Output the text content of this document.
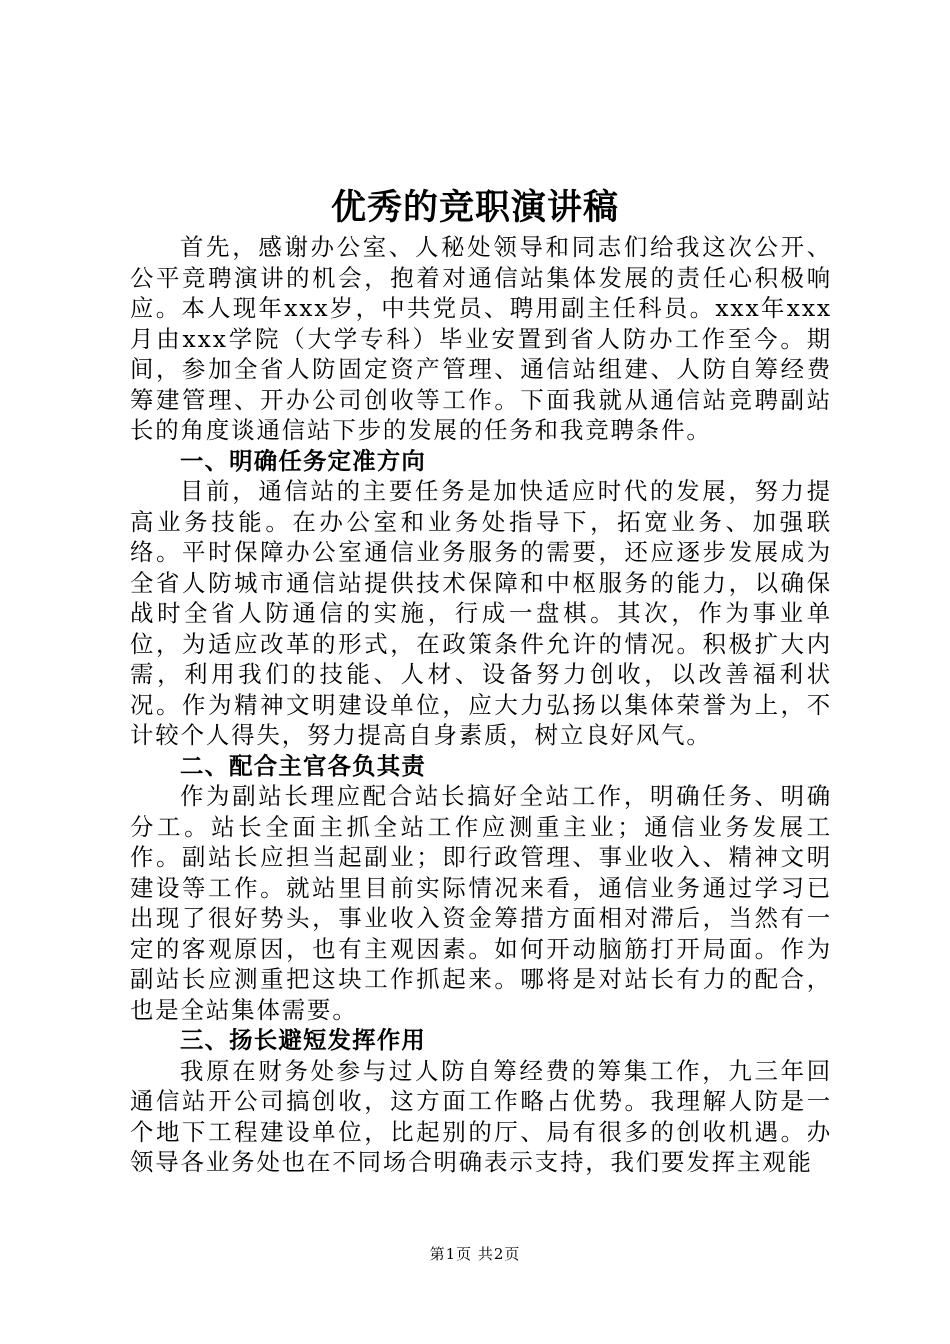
优秀的竞职演讲稿

首先，感谢办公室、人秘处领导和同志们给我这次公开、公平竞聘演讲的机会，抱着对通信站集体发展的责任心积极响应。本人现年xxx岁，中共党员、聘用副主任科员。xxx年xxx月由xxx学院（大学专科）毕业安置到省人防办工作至今。期间，参加全省人防固定资产管理、通信站组建、人防自筹经费筹建管理、开办公司创收等工作。下面我就从通信站竞聘副站长的角度谈通信站下步的发展的任务和我竞聘条件。

一、明确任务定准方向

目前，通信站的主要任务是加快适应时代的发展，努力提高业务技能。在办公室和业务处指导下，拓宽业务、加强联络。平时保障办公室通信业务服务的需要，还应逐步发展成为全省人防城市通信站提供技术保障和中枢服务的能力，以确保战时全省人防通信的实施，行成一盘棋。其次，作为事业单位，为适应改革的形式，在政策条件允许的情况。积极扩大内需，利用我们的技能、人材、设备努力创收，以改善福利状况。作为精神文明建设单位，应大力弘扬以集体荣誉为上，不计较个人得失，努力提高自身素质，树立良好风气。

二、配合主官各负其责

作为副站长理应配合站长搞好全站工作，明确任务、明确分工。站长全面主抓全站工作应测重主业；通信业务发展工作。副站长应担当起副业；即行政管理、事业收入、精神文明建设等工作。就站里目前实际情况来看，通信业务通过学习已出现了很好势头，事业收入资金筹措方面相对滞后，当然有一定的客观原因，也有主观因素。如何开动脑筋打开局面。作为副站长应测重把这块工作抓起来。哪将是对站长有力的配合，也是全站集体需要。

三、扬长避短发挥作用

我原在财务处参与过人防自筹经费的筹集工作，九三年回通信站开公司搞创收，这方面工作略占优势。我理解人防是一个地下工程建设单位，比起别的厅、局有很多的创收机遇。办领导各业务处也在不同场合明确表示支持，我们要发挥主观能

第1页 共2页
